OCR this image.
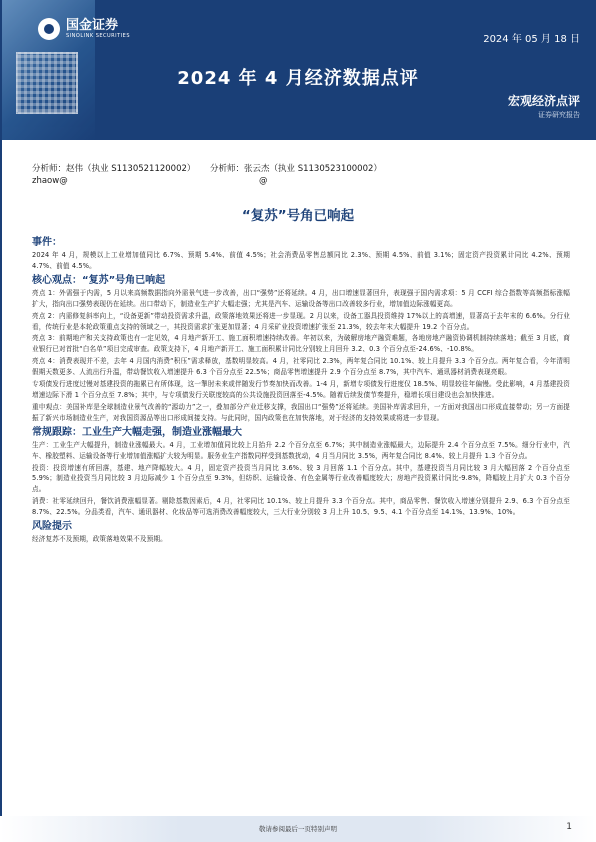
国金证券
SINOLINK SECURITIES	2024 年 05 月 18 日
2024 年 4 月经济数据点评
宏观经济点评
证券研究报告
分析师：赵伟（执业 S1130521120002） 分析师：张云杰（执业 S1130523100002）
zhaow@	@
“复苏”号角已响起
事件：

2024 年 4 月，规模以上工业增加值同比 6.7%、预期 5.4%、前值 4.5%；社会消费品零售总额同比 2.3%、预期 4.5%、前值 3.1%；固定资产投资累计同比 4.2%、预期 4.7%、前值 4.5%。

核心观点：“复苏”号角已响起

亮点 1：外需强于内需，5 月以来高频数据指向外需景气进一步改善，出口“强势”还将延续。4 月，出口增速显著回升，表现强于国内需求项：5 月 CCFI 综合指数等高频指标涨幅扩大，指向出口强势表现仍在延续。出口带动下，制造业生产扩大幅走强；尤其是汽车、运输设备等出口改善较多行业，增加值边际涨幅更高。

亮点 2：内需修复斜率向上，“设备更新”带动投资需求升温，政策落地效果还将进一步显现。2 月以来，设备工器具投资维持 17%以上的高增速，显著高于去年末的 6.6%。分行业看，传统行业是本轮政策重点支持的领域之一，其投资需求扩张更加显著；4 月采矿业投资增速扩张至 21.3%，较去年末大幅提升 19.2 个百分点。

亮点 3：前期地产和关支持政策也有一定见效，4 月地产新开工、施工面积增速持续改善。年初以来，为破解房地产融资难题，各地房地产融资协调机制持续落地；截至 3 月底，商业银行已对首批“白名单”项目完成审查。政策支持下，4 月地产新开工、施工面积累计同比分别较上月回升 3.2、0.3 个百分点至-24.6%、-10.8%。

亮点 4：消费表现并不差，去年 4 月国内消费“积压”需求释放，基数明显较高。4 月，社零同比 2.3%，两年复合同比 10.1%、较上月提升 3.3 个百分点。两年复合看，今年清明假期天数更多、人流出行升温，带动餐饮收入增速提升 6.3 个百分点至 22.5%；商品零售增速提升 2.9 个百分点至 8.7%，其中汽车、通讯器材消费表现亮眼。

专项债发行进度过慢对基建投资的拖累已有所体现，这一掣肘未来或伴随发行节奏加快而改善。1-4 月，新增专项债发行进度仅 18.5%、明显较往年偏慢。受此影响，4 月基建投资增速边际下滑 1 个百分点至 7.8%；其中，与专项债发行关联度较高的公共设施投资回落至-4.5%。随着后续发债节奏提升，稳增长项目建设也会加快推进。

重申观点：美国补库是全球制造业景气改善的“源动力”之一，叠加部分产业迁移支撑，我国出口“强势”还将延续。美国补库需求回升，一方面对我国出口形成直接带动；另一方面提振了新兴市场制造业生产，对我国资源品等出口形成间接支持。与此同时，国内政策也在加快落地，对于经济的支持效果或将进一步显现。

常规跟踪：工业生产大幅走强，制造业涨幅最大

生产：工业生产大幅提升，制造业涨幅最大。4 月，工业增加值同比较上月抬升 2.2 个百分点至 6.7%；其中制造业涨幅最大，边际提升 2.4 个百分点至 7.5%。细分行业中，汽车、橡胶塑料、运输设备等行业增加值涨幅扩大较为明显。服务业生产指数同样受到基数扰动，4 月当月同比 3.5%，两年复合同比 8.4%、较上月提升 1.3 个百分点。

投资：投资增速有所回落，基建、地产降幅较大。4 月，固定资产投资当月同比 3.6%、较 3 月回落 1.1 个百分点。其中，基建投资当月同比较 3 月大幅回落 2 个百分点至 5.9%；制造业投资当月同比较 3 月边际减少 1 个百分点至 9.3%，但纺织、运输设备、有色金属等行业改善幅度较大；房地产投资累计同比-9.8%，降幅较上月扩大 0.3 个百分点。

消费：社零延续回升，餐饮消费涨幅显著。剔除基数因素后，4 月，社零同比 10.1%、较上月提升 3.3 个百分点。其中，商品零售、餐饮收入增速分别提升 2.9、6.3 个百分点至 8.7%、22.5%。分品类看，汽车、通讯器材、化妆品等可选消费改善幅度较大，三大行业分别较 3 月上升 10.5、9.5、4.1 个百分点至 14.1%、13.9%、10%。

风险提示

经济复苏不及预期，政策落地效果不及预期。

敬请参阅最后一页特别声明	1
